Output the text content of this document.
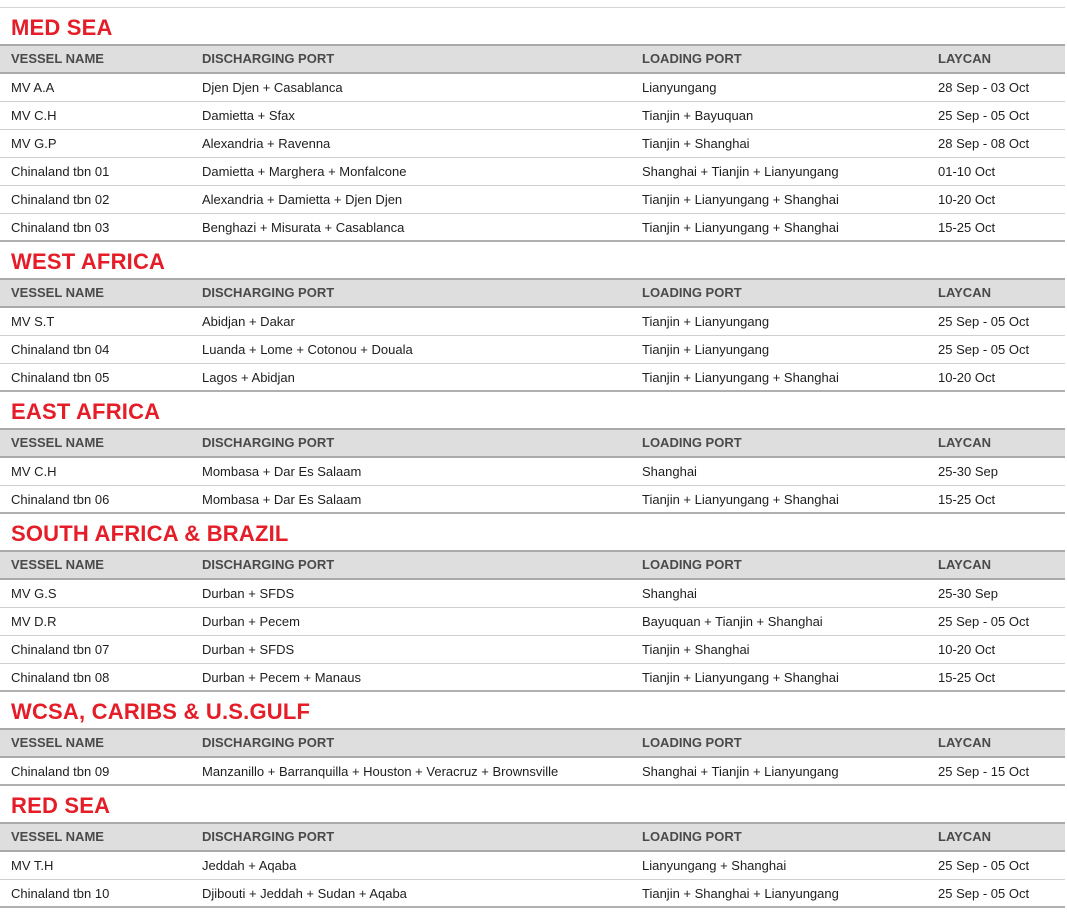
MED SEA
VESSEL NAME	DISCHARGING PORT	LOADING PORT	LAYCAN
MV A.A	Djen Djen + Casablanca	Lianyungang	28 Sep - 03 Oct
MV C.H	Damietta + Sfax	Tianjin + Bayuquan	25 Sep - 05 Oct
MV G.P	Alexandria + Ravenna	Tianjin + Shanghai	28 Sep - 08 Oct
Chinaland tbn 01	Damietta + Marghera + Monfalcone	Shanghai + Tianjin + Lianyungang	01-10 Oct
Chinaland tbn 02	Alexandria + Damietta + Djen Djen	Tianjin + Lianyungang + Shanghai	10-20 Oct
Chinaland tbn 03	Benghazi + Misurata + Casablanca	Tianjin + Lianyungang + Shanghai	15-25 Oct
WEST AFRICA
VESSEL NAME	DISCHARGING PORT	LOADING PORT	LAYCAN
MV S.T	Abidjan + Dakar	Tianjin + Lianyungang	25 Sep - 05 Oct
Chinaland tbn 04	Luanda + Lome + Cotonou + Douala	Tianjin + Lianyungang	25 Sep - 05 Oct
Chinaland tbn 05	Lagos + Abidjan	Tianjin + Lianyungang + Shanghai	10-20 Oct
EAST AFRICA
VESSEL NAME	DISCHARGING PORT	LOADING PORT	LAYCAN
MV C.H	Mombasa + Dar Es Salaam	Shanghai	25-30 Sep
Chinaland tbn 06	Mombasa + Dar Es Salaam	Tianjin + Lianyungang + Shanghai	15-25 Oct
SOUTH AFRICA & BRAZIL
VESSEL NAME	DISCHARGING PORT	LOADING PORT	LAYCAN
MV G.S	Durban + SFDS	Shanghai	25-30 Sep
MV D.R	Durban + Pecem	Bayuquan + Tianjin + Shanghai	25 Sep - 05 Oct
Chinaland tbn 07	Durban + SFDS	Tianjin + Shanghai	10-20 Oct
Chinaland tbn 08	Durban + Pecem + Manaus	Tianjin + Lianyungang + Shanghai	15-25 Oct
WCSA, CARIBS & U.S.GULF
VESSEL NAME	DISCHARGING PORT	LOADING PORT	LAYCAN
Chinaland tbn 09	Manzanillo + Barranquilla + Houston + Veracruz + Brownsville	Shanghai + Tianjin + Lianyungang	25 Sep - 15 Oct
RED SEA
VESSEL NAME	DISCHARGING PORT	LOADING PORT	LAYCAN
MV T.H	Jeddah + Aqaba	Lianyungang + Shanghai	25 Sep - 05 Oct
Chinaland tbn 10	Djibouti + Jeddah + Sudan + Aqaba	Tianjin + Shanghai + Lianyungang	25 Sep - 05 Oct
